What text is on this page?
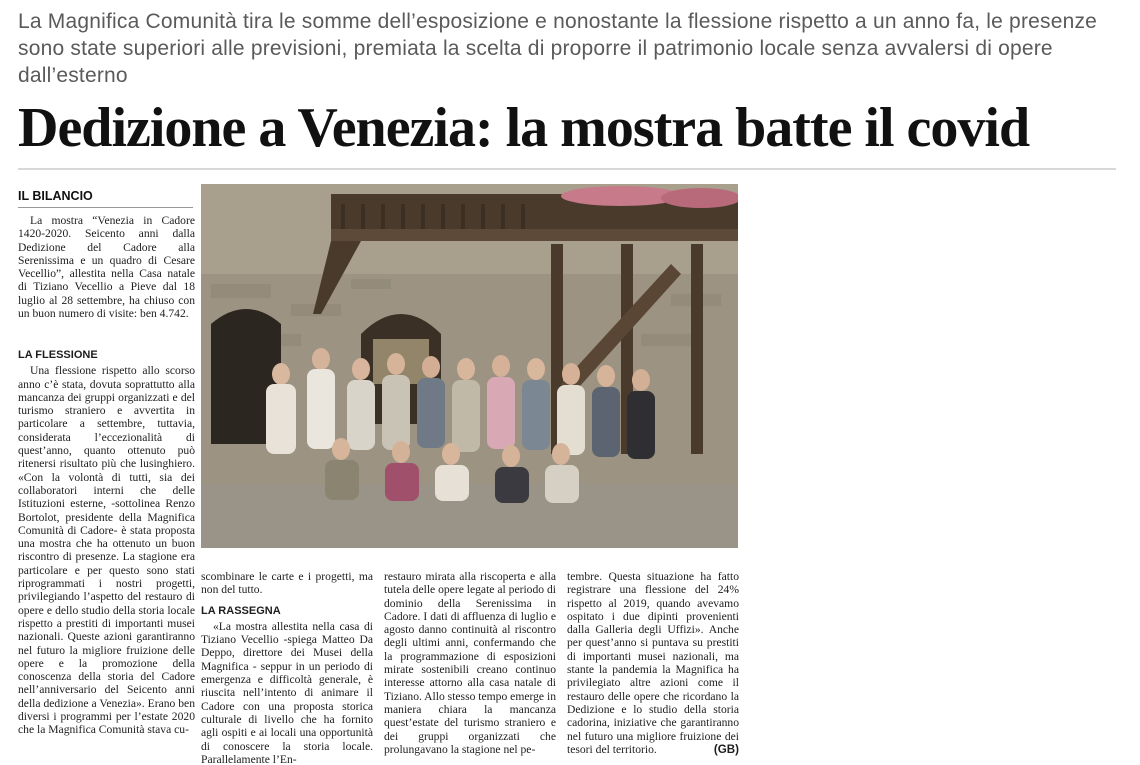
La Magnifica Comunità tira le somme dell’esposizione e nonostante la flessione rispetto a un anno fa, le presenze sono state superiori alle previsioni, premiata la scelta di proporre il patrimonio locale senza avvalersi di opere dall’esterno
Dedizione a Venezia: la mostra batte il covid
IL BILANCIO

La mostra “Venezia in Cadore 1420-2020. Seicento anni dalla Dedizione del Cadore alla Serenissima e un quadro di Cesare Vecellio”, allestita nella Casa natale di Tiziano Vecellio a Pieve dal 18 luglio al 28 settembre, ha chiuso con un buon numero di visite: ben 4.742.

LA FLESSIONE

Una flessione rispetto allo scorso anno c’è stata, dovuta soprattutto alla mancanza dei gruppi organizzati e del turismo straniero e avvertita in particolare a settembre, tuttavia, considerata l’eccezionalità di quest’anno, quanto ottenuto può ritenersi risultato più che lusinghiero. «Con la volontà di tutti, sia dei collaboratori interni che delle Istituzioni esterne, -sottolinea Renzo Bortolot, presidente della Magnifica Comunità di Cadore- è stata proposta una mostra che ha ottenuto un buon riscontro di presenze. La stagione era particolare e per questo sono stati riprogrammati i nostri progetti, privilegiando l’aspetto del restauro di opere e dello studio della storia locale rispetto a prestiti di importanti musei nazionali. Queste azioni garantiranno nel futuro la migliore fruizione delle opere e la promozione della conoscenza della storia del Cadore nell’anniversario del Seicento anni della dedizione a Venezia». Erano ben diversi i programmi per l’estate 2020 che la Magnifica Comunità stava cu-

scombinare le carte e i progetti, ma non del tutto.

LA RASSEGNA

«La mostra allestita nella casa di Tiziano Vecellio -spiega Matteo Da Deppo, direttore dei Musei della Magnifica - seppur in un periodo di emergenza e difficoltà generale, è riuscita nell’intento di animare il Cadore con una proposta storica culturale di livello che ha fornito agli ospiti e ai locali una opportunità di conoscere la storia locale. Parallelamente l’En-

restauro mirata alla riscoperta e alla tutela delle opere legate al periodo di dominio della Serenissima in Cadore. I dati di affluenza di luglio e agosto danno continuità al riscontro degli ultimi anni, confermando che la programmazione di esposizioni mirate sostenibili creano continuo interesse attorno alla casa natale di Tiziano. Allo stesso tempo emerge in maniera chiara la mancanza quest’estate del turismo straniero e dei gruppi organizzati che prolungavano la stagione nel pe-

tembre. Questa situazione ha fatto registrare una flessione del 24% rispetto al 2019, quando avevamo ospitato i due dipinti provenienti dalla Galleria degli Uffizi». Anche per quest’anno si puntava su prestiti di importanti musei nazionali, ma stante la pandemia la Magnifica ha privilegiato altre azioni come il restauro delle opere che ricordano la Dedizione e lo studio della storia cadorina, iniziative che garantiranno nel futuro una migliore fruizione dei tesori del territorio.	(GB)
